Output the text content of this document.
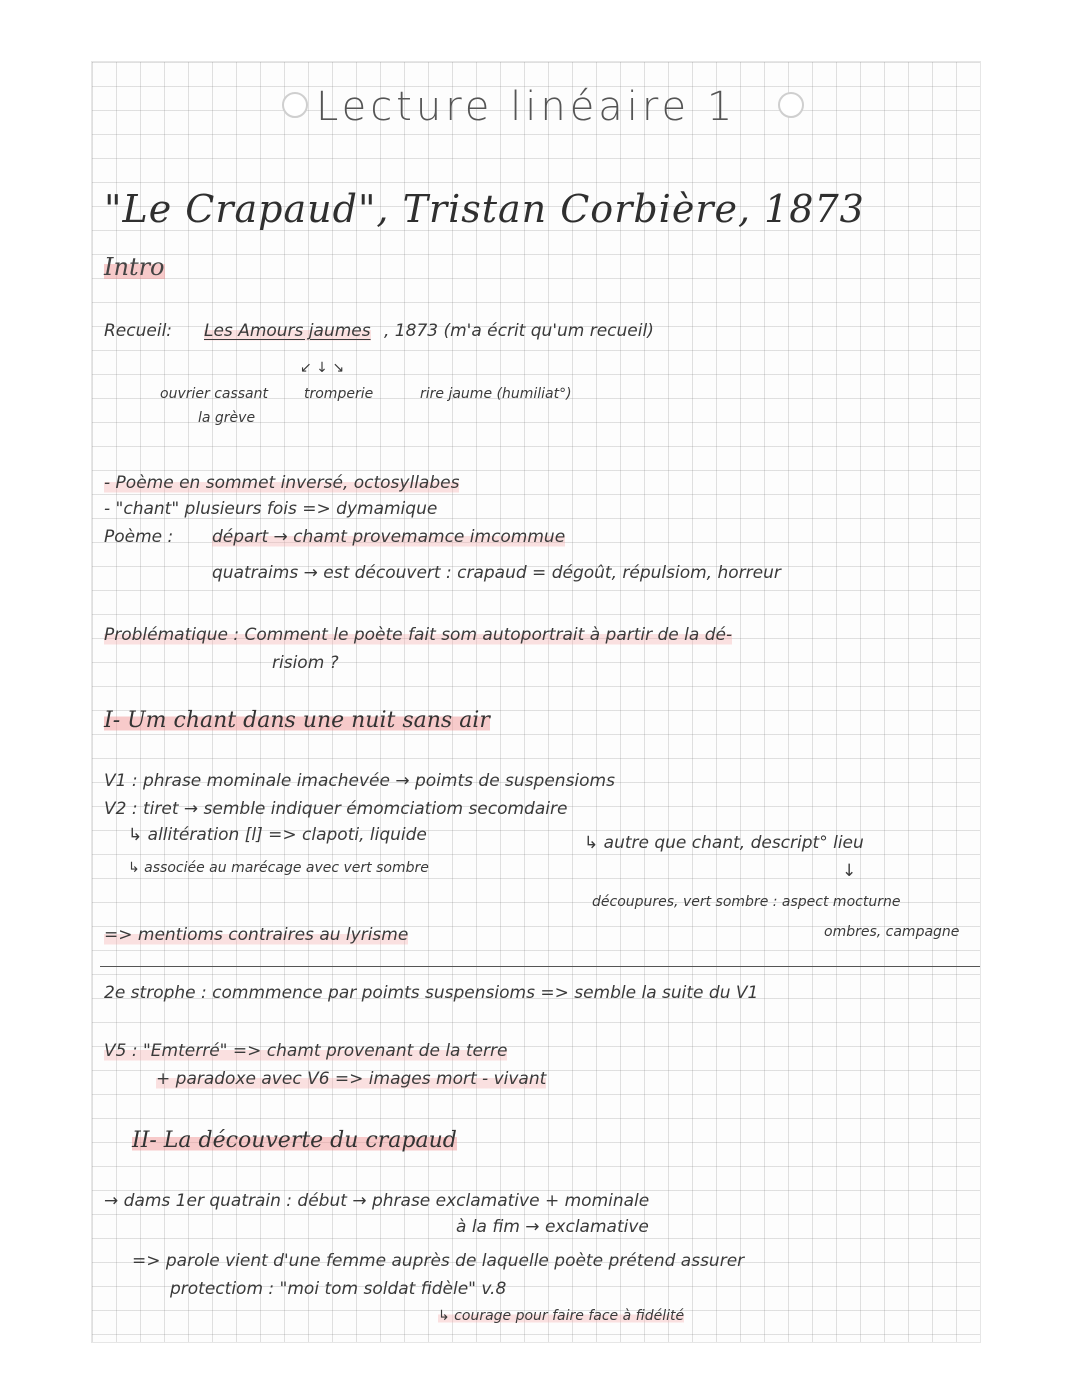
Lecture linéaire 1
"Le Crapaud", Tristan Corbière, 1873
Intro
Recueil: Les Amours jaumes , 1873 (m'a écrit qu'um recueil)
↙ ↓ ↘
ouvrier cassant
la grève
tromperie	rire jaume (humiliat°)
- Poème en sommet inversé, octosyllabes
- "chant" plusieurs fois => dymamique
Poème : départ → chamt provemamce imcommue
quatraims → est découvert : crapaud = dégoût, répulsiom, horreur
Problématique : Comment le poète fait som autoportrait à partir de la dé-
risiom ?
I- Um chant dans une nuit sans air
V1 : phrase mominale imachevée → poimts de suspensioms
V2 : tiret → semble indiquer émomciatiom secomdaire
↳ allitération [l] => clapoti, liquide	↳ autre que chant, descript° lieu
↳ associée au marécage avec vert sombre	↓
découpures, vert sombre : aspect mocturne
ombres, campagne
=> mentioms contraires au lyrisme
2e strophe : commmence par poimts suspensioms => semble la suite du V1
V5 : "Emterré" => chamt provenant de la terre
+ paradoxe avec V6 => images mort - vivant
II- La découverte du crapaud
→ dams 1er quatrain : début → phrase exclamative + mominale
à la fim → exclamative
=> parole vient d'une femme auprès de laquelle poète prétend assurer
protectiom : "moi tom soldat fidèle" v.8
↳ courage pour faire face à fidélité
